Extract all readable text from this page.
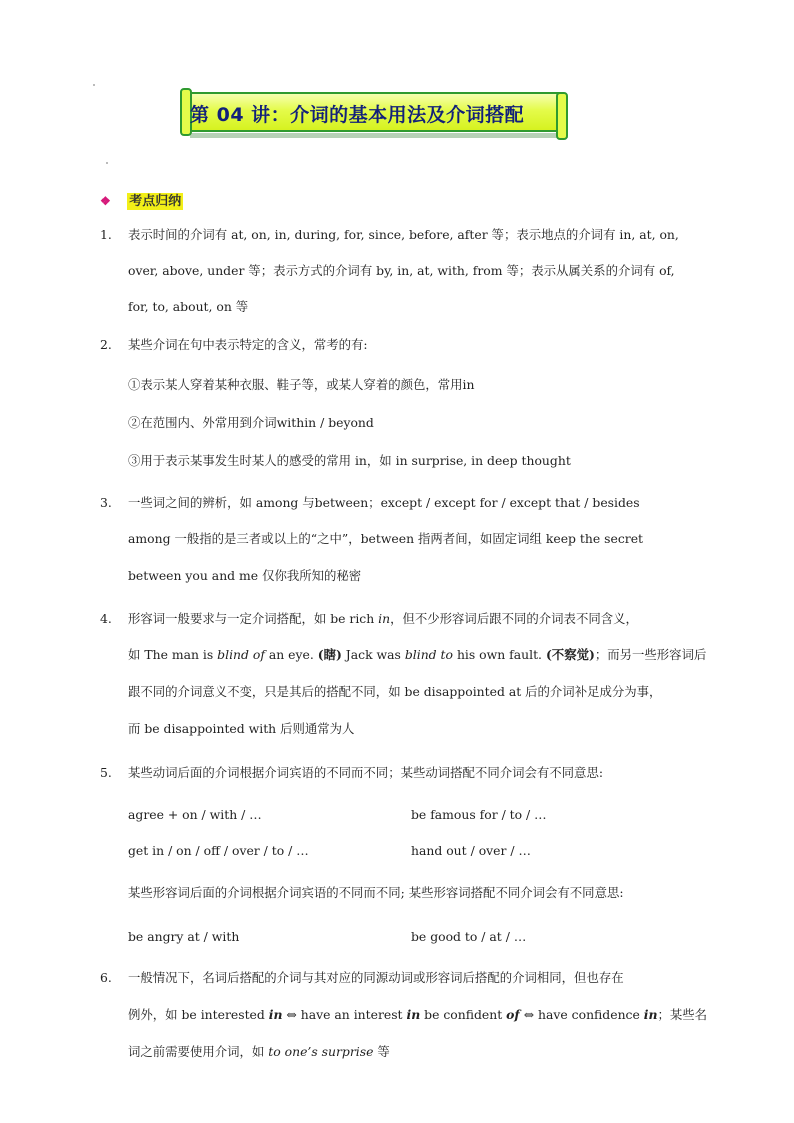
第 04 讲：介词的基本用法及介词搭配
❖ 考点归纳
1.	表示时间的介词有 at, on, in, during, for, since, before, after 等；表示地点的介词有 in, at, on,
over, above, under 等；表示方式的介词有 by, in, at, with, from 等；表示从属关系的介词有 of,
for, to, about, on 等
2.	某些介词在句中表示特定的含义，常考的有:
①表示某人穿着某种衣服、鞋子等，或某人穿着的颜色，常用in
②在范围内、外常用到介词within / beyond
③用于表示某事发生时某人的感受的常用 in，如 in surprise, in deep thought
3.	一些词之间的辨析，如 among 与between；except / except for / except that / besides
among 一般指的是三者或以上的“之中”，between 指两者间，如固定词组 keep the secret
between you and me 仅你我所知的秘密
4.	形容词一般要求与一定介词搭配，如 be rich in，但不少形容词后跟不同的介词表不同含义，
如 The man is blind of an eye. (瞎) Jack was blind to his own fault. (不察觉)；而另一些形容词后
跟不同的介词意义不变，只是其后的搭配不同，如 be disappointed at 后的介词补足成分为事，
而 be disappointed with 后则通常为人
5.	某些动词后面的介词根据介词宾语的不同而不同；某些动词搭配不同介词会有不同意思:
agree + on / with / …	be famous for / to / …
get in / on / off / over / to / …	hand out / over / …
某些形容词后面的介词根据介词宾语的不同而不同; 某些形容词搭配不同介词会有不同意思:
be angry at / with	be good to / at / …
6.	一般情况下，名词后搭配的介词与其对应的同源动词或形容词后搭配的介词相同，但也存在
例外，如 be interested in ⇔ have an interest in be confident of ⇔ have confidence in；某些名
词之前需要使用介词，如 to one’s surprise 等
